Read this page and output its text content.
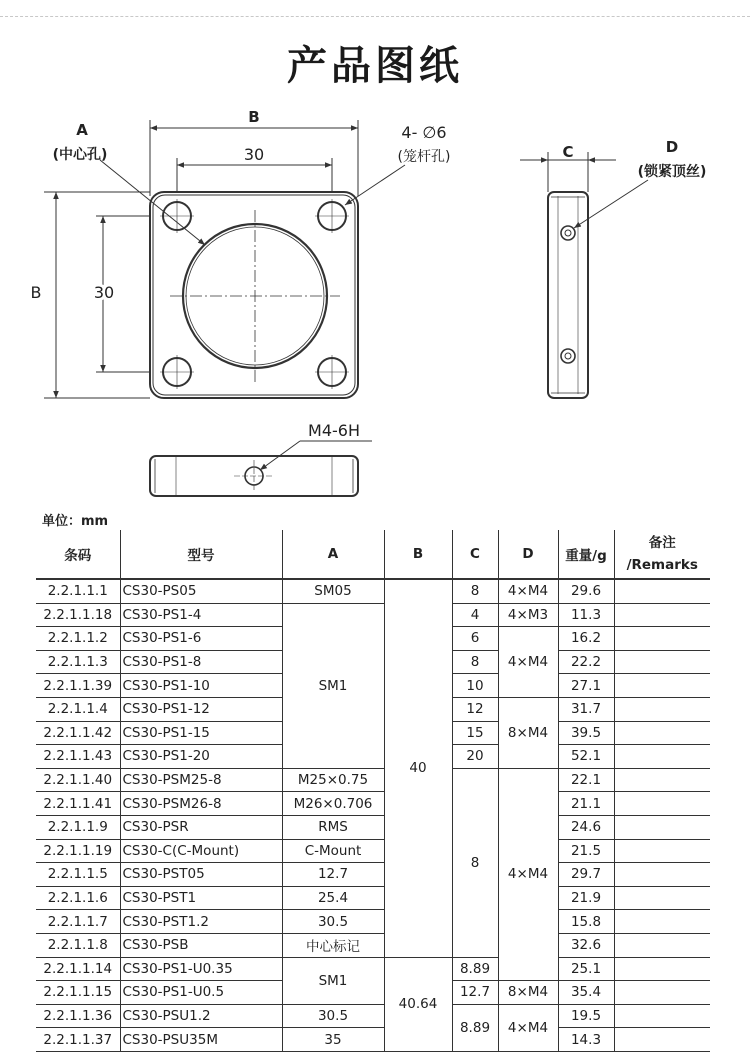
产品图纸
A
(中心孔)
B
30
B	30
4- ∅6
(笼杆孔)	C	D
(锁紧顶丝)
M4-6H
单位：mm
条码	型号	A	B	C	D	重量/g	备注
/Remarks
2.2.1.1.1	CS30-PS05	SM05	40	8	4×M4	29.6	
2.2.1.1.18	CS30-PS1-4	SM1		4	4×M3	11.3	
2.2.1.1.2	CS30-PS1-6			6	4×M4	16.2	
2.2.1.1.3	CS30-PS1-8			8		22.2	
2.2.1.1.39	CS30-PS1-10			10		27.1	
2.2.1.1.4	CS30-PS1-12			12	8×M4	31.7	
2.2.1.1.42	CS30-PS1-15			15		39.5	
2.2.1.1.43	CS30-PS1-20			20		52.1	
2.2.1.1.40	CS30-PSM25-8	M25×0.75		8	4×M4	22.1	
2.2.1.1.41	CS30-PSM26-8	M26×0.706				21.1	
2.2.1.1.9	CS30-PSR	RMS				24.6	
2.2.1.1.19	CS30-C(C-Mount)	C-Mount				21.5	
2.2.1.1.5	CS30-PST05	12.7				29.7	
2.2.1.1.6	CS30-PST1	25.4				21.9	
2.2.1.1.7	CS30-PST1.2	30.5				15.8	
2.2.1.1.8	CS30-PSB	中心标记				32.6	
2.2.1.1.14	CS30-PS1-U0.35	SM1	40.64	8.89		25.1	
2.2.1.1.15	CS30-PS1-U0.5			12.7	8×M4	35.4	
2.2.1.1.36	CS30-PSU1.2	30.5		8.89	4×M4	19.5	
2.2.1.1.37	CS30-PSU35M	35				14.3	
